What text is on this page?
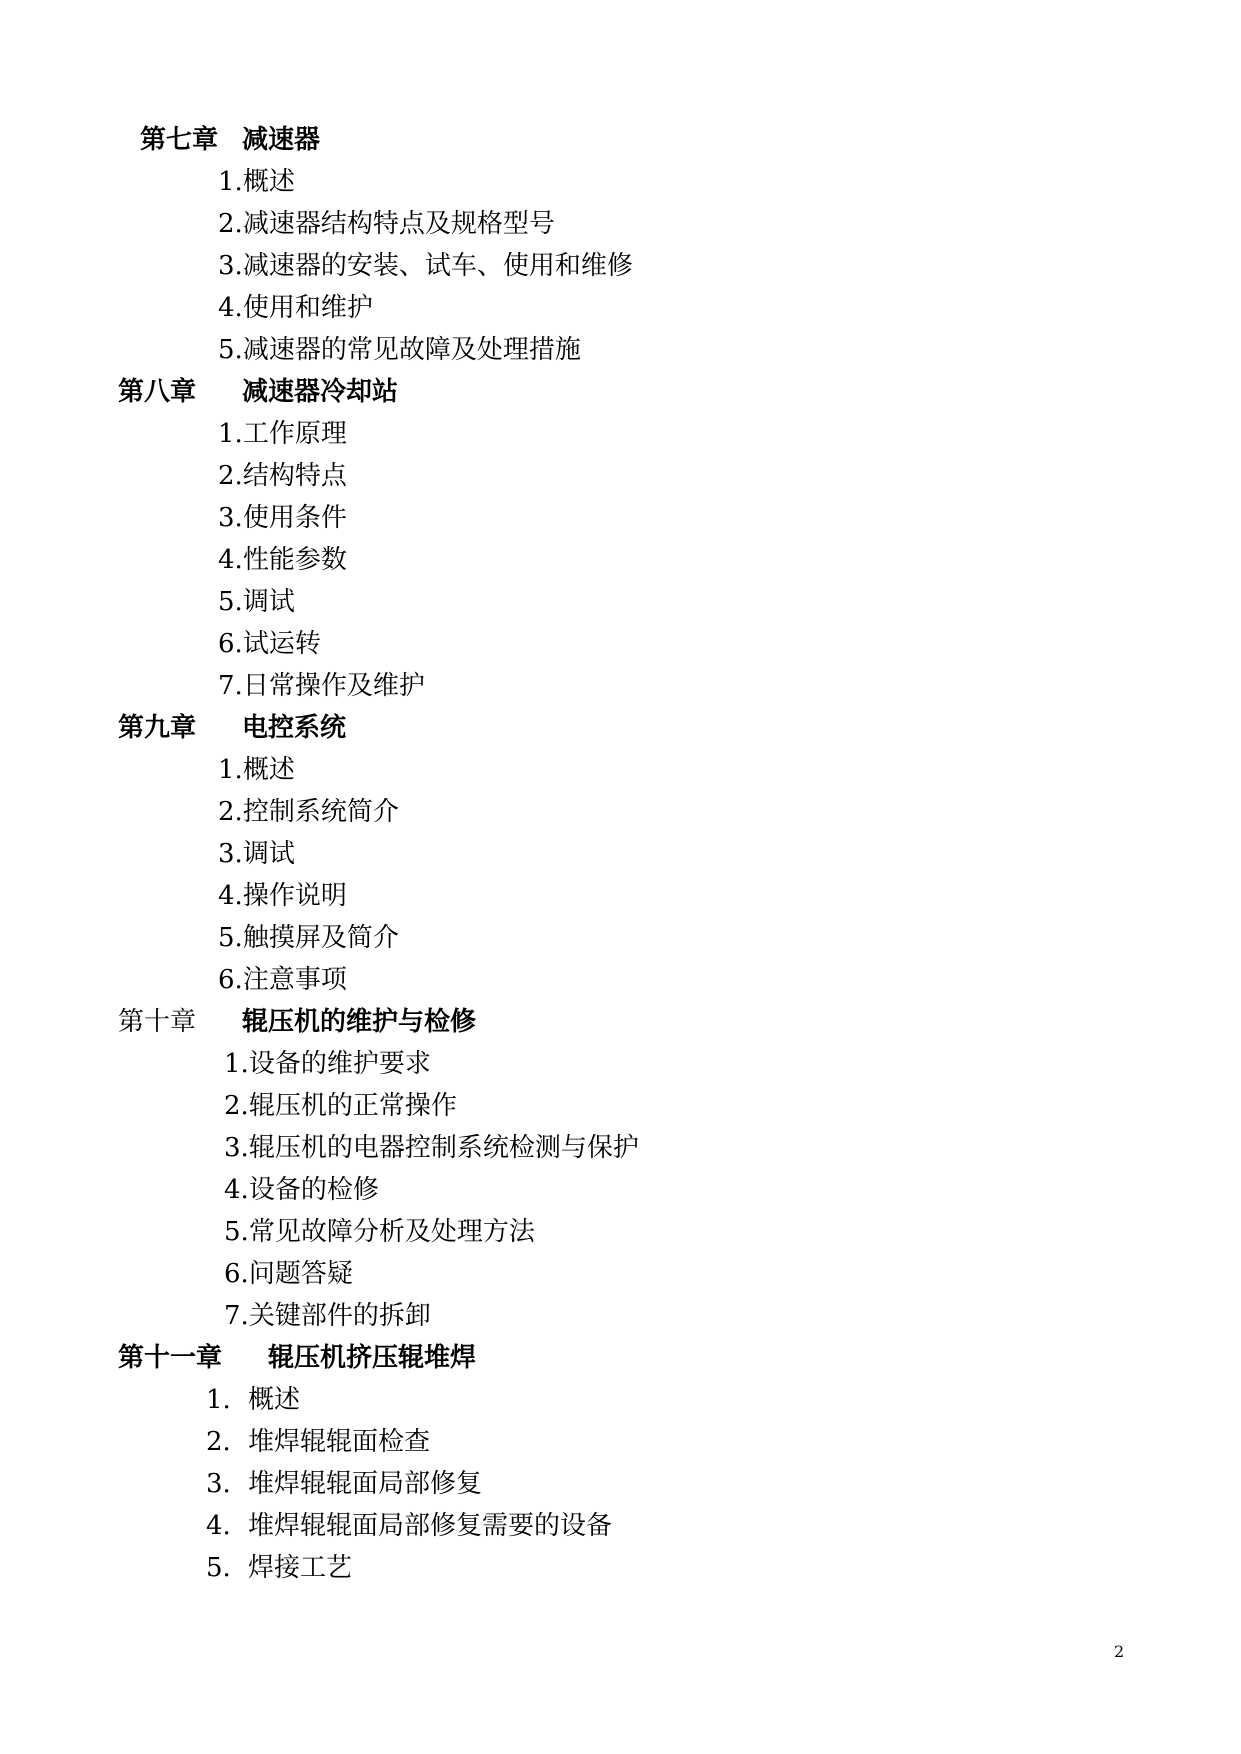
第七章 减速器
1.概述
2.减速器结构特点及规格型号
3.减速器的安装、试车、使用和维修
4.使用和维护
5.减速器的常见故障及处理措施
第八章 减速器冷却站
1.工作原理
2.结构特点
3.使用条件
4.性能参数
5.调试
6.试运转
7.日常操作及维护
第九章 电控系统
1.概述
2.控制系统简介
3.调试
4.操作说明
5.触摸屏及简介
6.注意事项
第十章 辊压机的维护与检修
1.设备的维护要求
2.辊压机的正常操作
3.辊压机的电器控制系统检测与保护
4.设备的检修
5.常见故障分析及处理方法
6.问题答疑
7.关键部件的拆卸
第十一章 辊压机挤压辊堆焊
1. 概述
2. 堆焊辊辊面检查
3. 堆焊辊辊面局部修复
4. 堆焊辊辊面局部修复需要的设备
5. 焊接工艺
2
